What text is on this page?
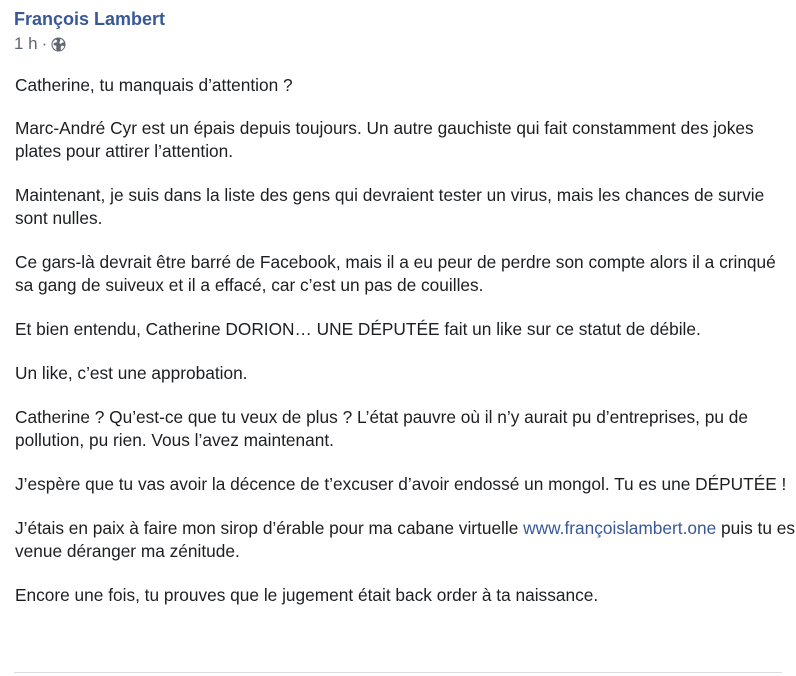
François Lambert
1 h ·

Catherine, tu manquais d’attention ?

Marc-André Cyr est un épais depuis toujours. Un autre gauchiste qui fait constamment des jokes plates pour attirer l’attention.

Maintenant, je suis dans la liste des gens qui devraient tester un virus, mais les chances de survie sont nulles.

Ce gars-là devrait être barré de Facebook, mais il a eu peur de perdre son compte alors il a crinqué sa gang de suiveux et il a effacé, car c’est un pas de couilles.

Et bien entendu, Catherine DORION… UNE DÉPUTÉE fait un like sur ce statut de débile.

Un like, c’est une approbation.

Catherine ? Qu’est-ce que tu veux de plus ? L’état pauvre où il n’y aurait pu d’entreprises, pu de pollution, pu rien. Vous l’avez maintenant.

J’espère que tu vas avoir la décence de t’excuser d’avoir endossé un mongol. Tu es une DÉPUTÉE !

J’étais en paix à faire mon sirop d’érable pour ma cabane virtuelle www.françoislambert.one puis tu es venue déranger ma zénitude.

Encore une fois, tu prouves que le jugement était back order à ta naissance.
